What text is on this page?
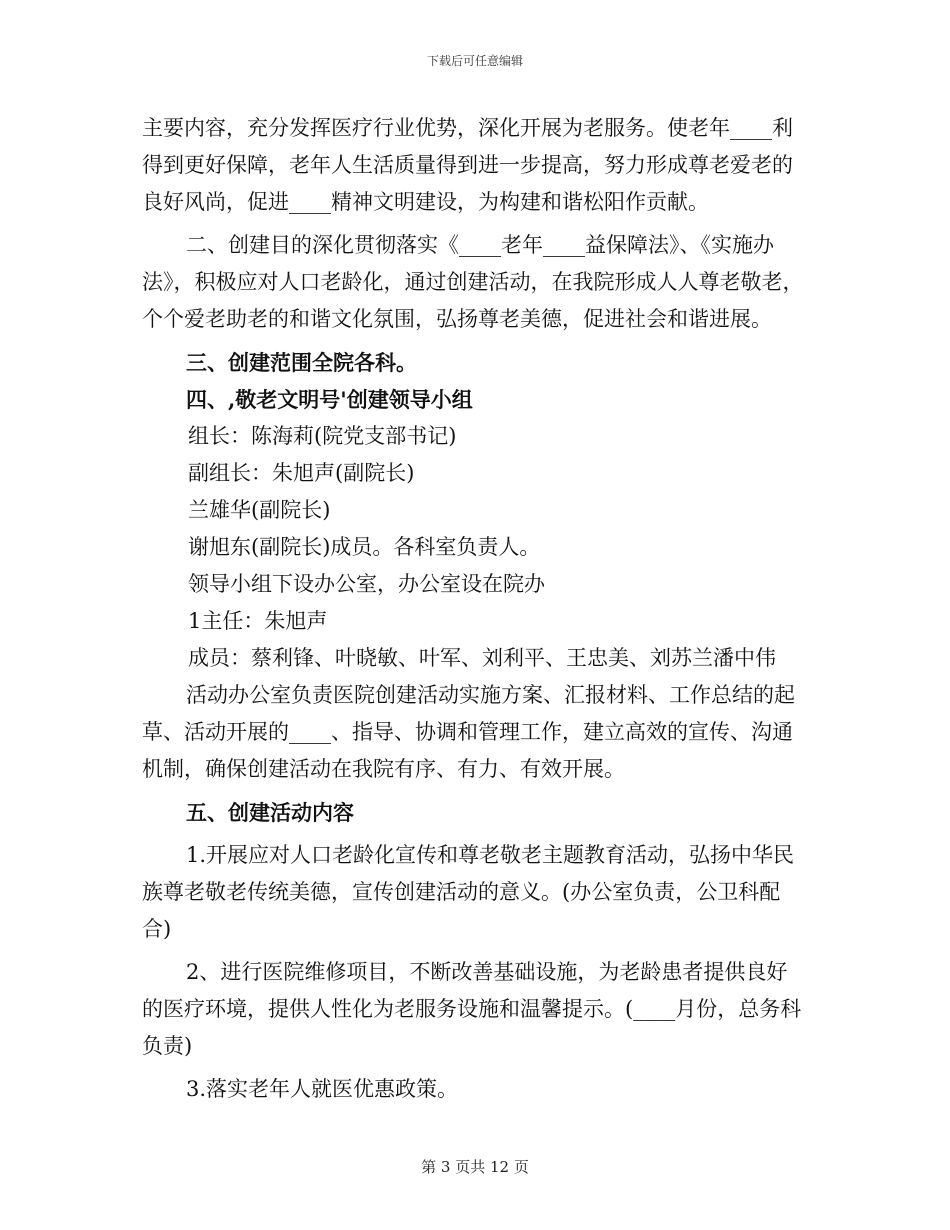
下载后可任意编辑

主要内容，充分发挥医疗行业优势，深化开展为老服务。使老年____利得到更好保障，老年人生活质量得到进一步提高，努力形成尊老爱老的良好风尚，促进____精神文明建设，为构建和谐松阳作贡献。

二、创建目的深化贯彻落实《____老年____益保障法》、《实施办法》，积极应对人口老龄化，通过创建活动，在我院形成人人尊老敬老，个个爱老助老的和谐文化氛围，弘扬尊老美德，促进社会和谐进展。

三、创建范围全院各科。

四、,敬老文明号'创建领导小组

组长：陈海莉(院党支部书记)

副组长：朱旭声(副院长)

兰雄华(副院长)

谢旭东(副院长)成员。各科室负责人。

领导小组下设办公室，办公室设在院办

1主任：朱旭声

成员：蔡利锋、叶晓敏、叶军、刘利平、王忠美、刘苏兰潘中伟

活动办公室负责医院创建活动实施方案、汇报材料、工作总结的起草、活动开展的____、指导、协调和管理工作，建立高效的宣传、沟通机制，确保创建活动在我院有序、有力、有效开展。

五、创建活动内容

1.开展应对人口老龄化宣传和尊老敬老主题教育活动，弘扬中华民族尊老敬老传统美德，宣传创建活动的意义。(办公室负责，公卫科配合)

2、进行医院维修项目，不断改善基础设施，为老龄患者提供良好的医疗环境，提供人性化为老服务设施和温馨提示。(____月份，总务科负责)

3.落实老年人就医优惠政策。

第 3 页共 12 页
